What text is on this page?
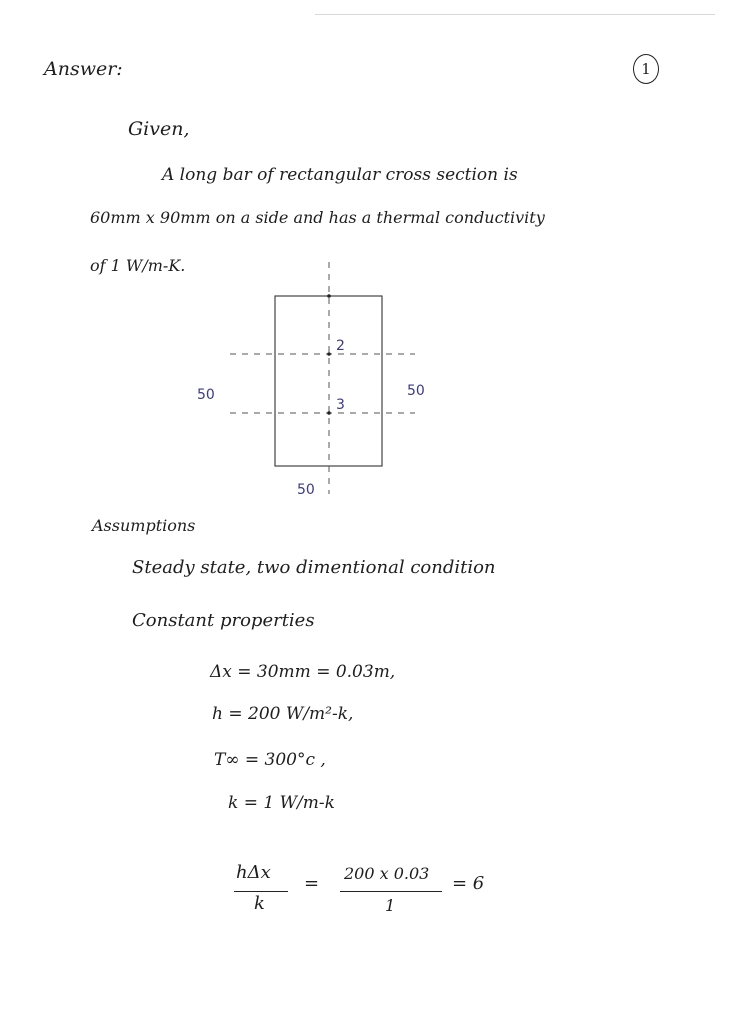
Answer:	1
Given,
A long bar of rectangular cross section is
60mm x 90mm on a side and has a thermal conductivity
of 1 W/m-K.
2
3
50	50
50
Assumptions
Steady state, two dimentional condition
Constant properties
Δx = 30mm = 0.03m,
h = 200 W/m²-k,
T∞ = 300°c ,
k = 1 W/m-k
hΔx
k
= 200 x 0.03
1
= 6
